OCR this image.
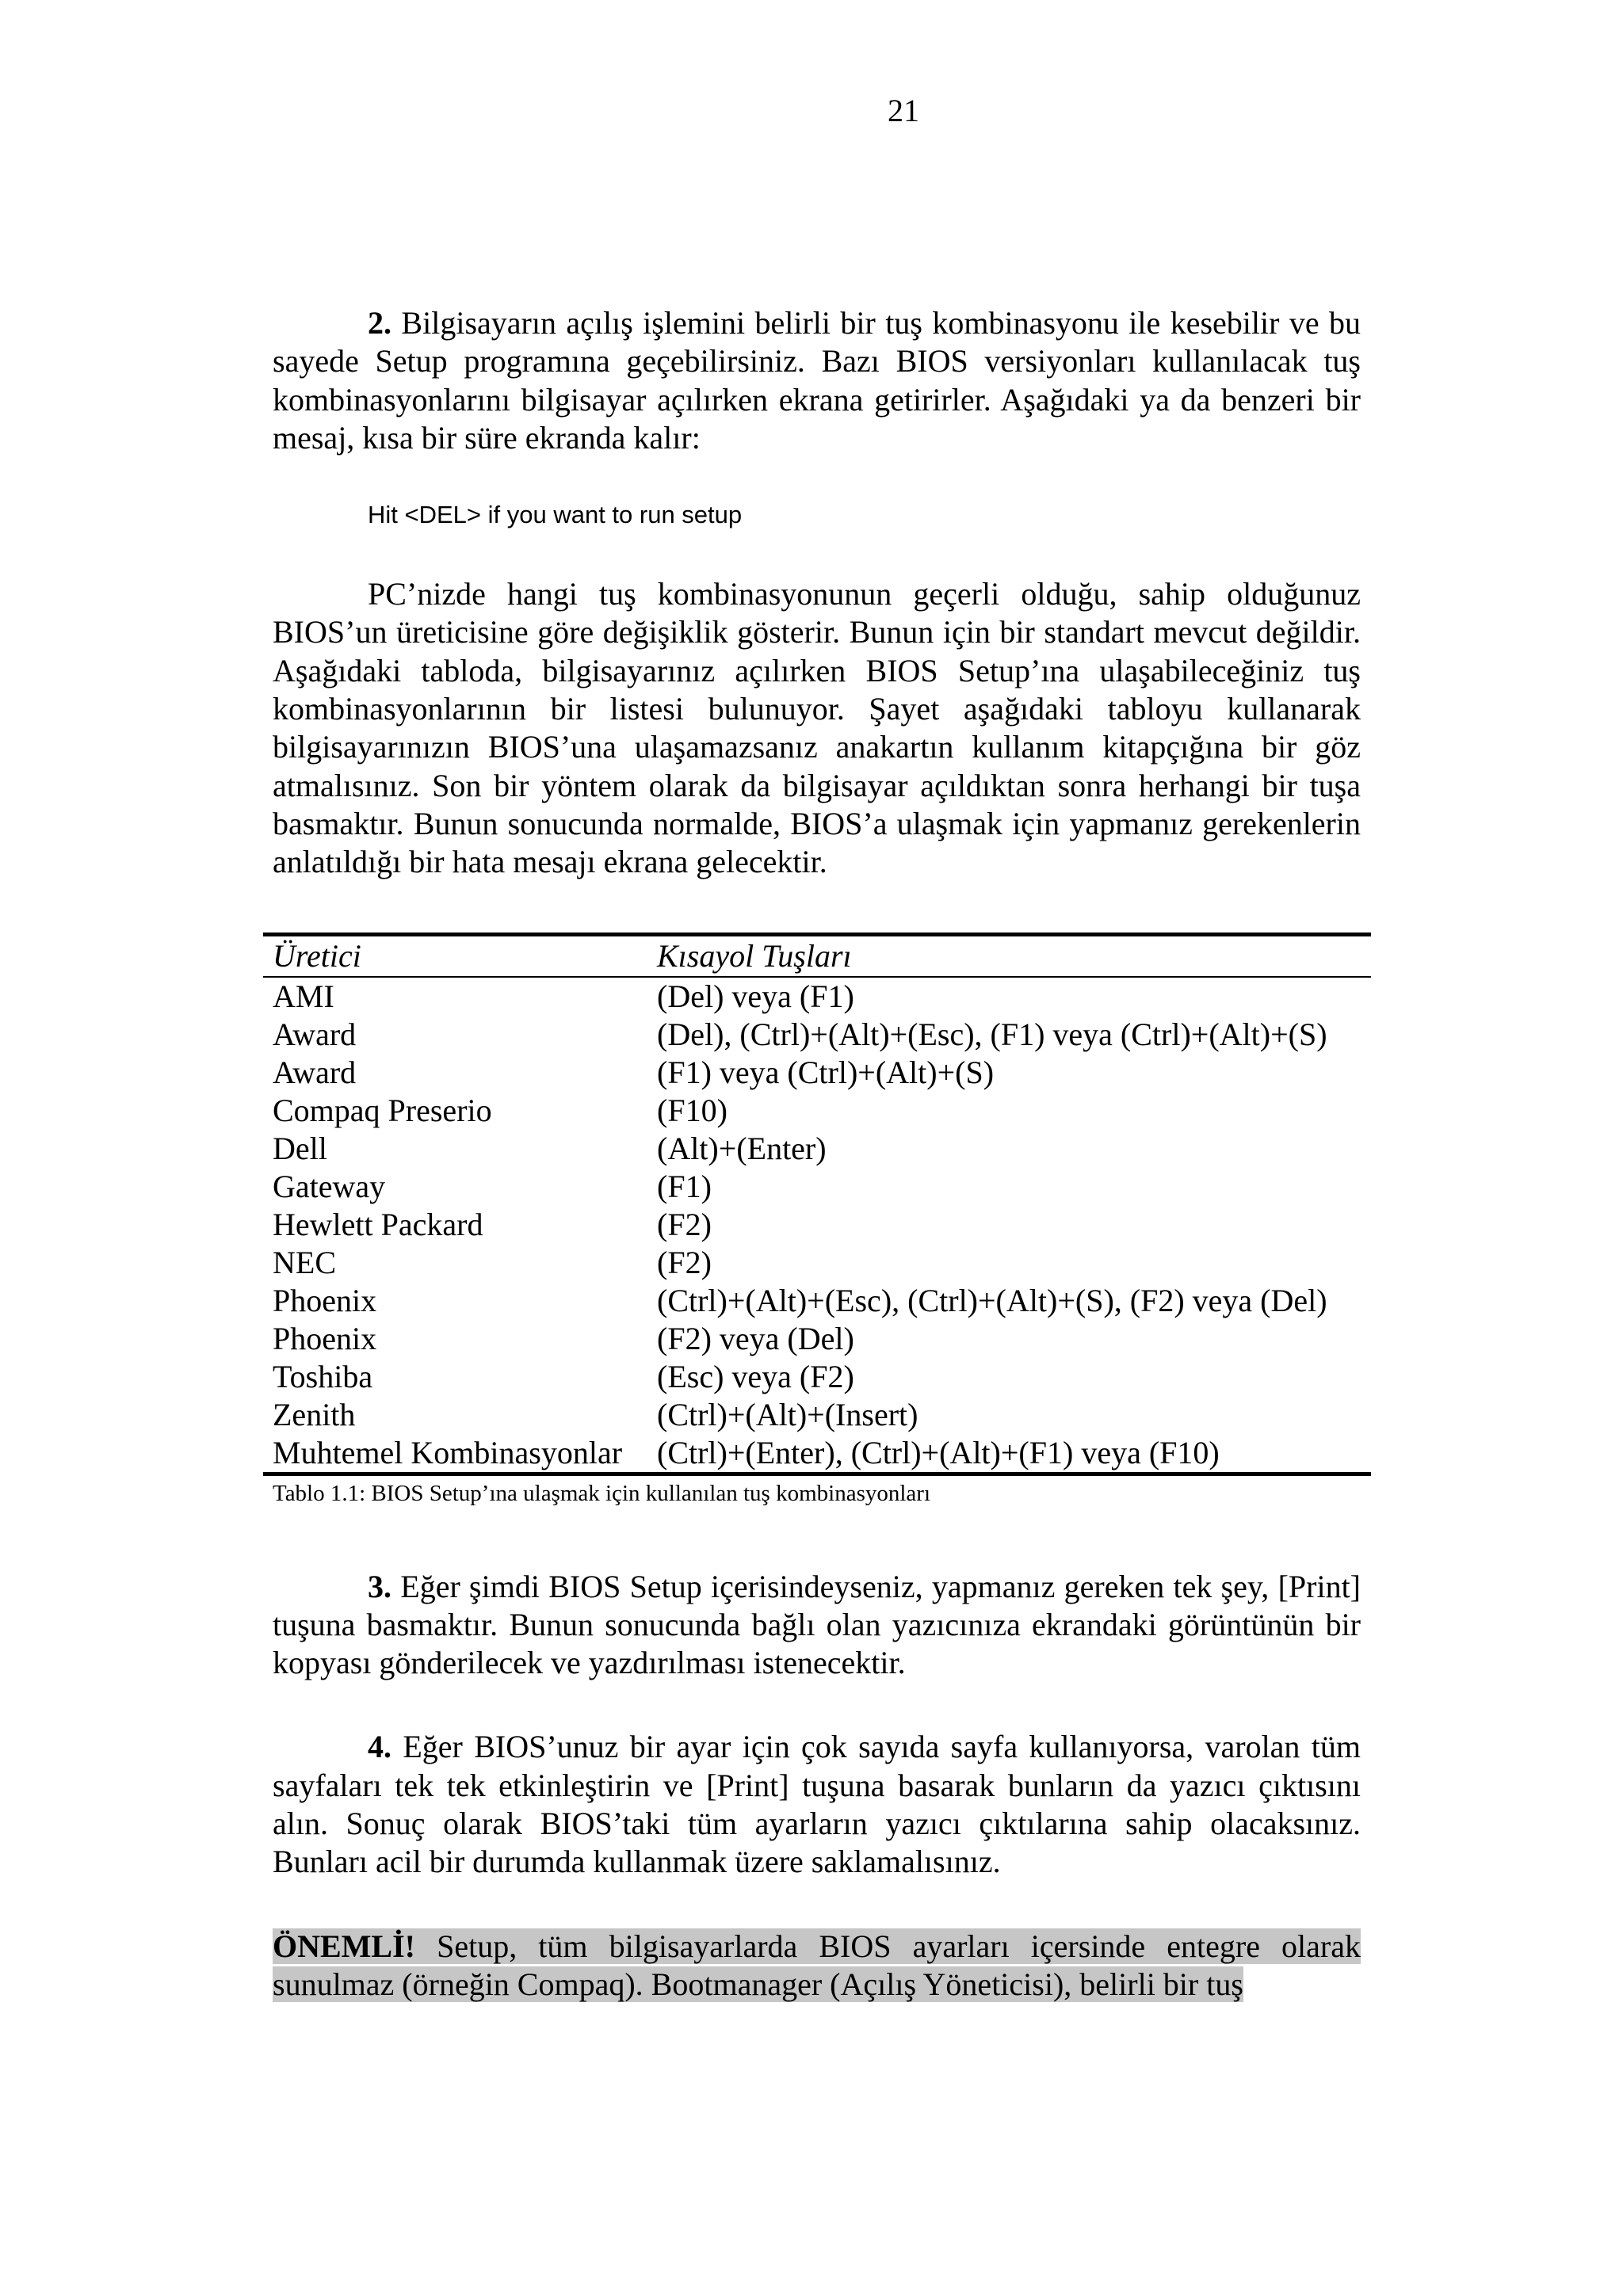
21

2. Bilgisayarın açılış işlemini belirli bir tuş kombinasyonu ile kesebilir ve bu sayede Setup programına geçebilirsiniz. Bazı BIOS versiyonları kullanılacak tuş kombinasyonlarını bilgisayar açılırken ekrana getirirler. Aşağıdaki ya da benzeri bir mesaj, kısa bir süre ekranda kalır:

Hit <DEL> if you want to run setup

PC’nizde hangi tuş kombinasyonunun geçerli olduğu, sahip olduğunuz BIOS’un üreticisine göre değişiklik gösterir. Bunun için bir standart mevcut değildir. Aşağıdaki tabloda, bilgisayarınız açılırken BIOS Setup’ına ulaşabileceğiniz tuş kombinasyonlarının bir listesi bulunuyor. Şayet aşağıdaki tabloyu kullanarak bilgisayarınızın BIOS’una ulaşamazsanız anakartın kullanım kitapçığına bir göz atmalısınız. Son bir yöntem olarak da bilgisayar açıldıktan sonra herhangi bir tuşa basmaktır. Bunun sonucunda normalde, BIOS’a ulaşmak için yapmanız gerekenlerin anlatıldığı bir hata mesajı ekrana gelecektir.

Üretici	Kısayol Tuşları
AMI	(Del) veya (F1)
Award	(Del), (Ctrl)+(Alt)+(Esc), (F1) veya (Ctrl)+(Alt)+(S)
Award	(F1) veya (Ctrl)+(Alt)+(S)
Compaq Preserio	(F10)
Dell	(Alt)+(Enter)
Gateway	(F1)
Hewlett Packard	(F2)
NEC	(F2)
Phoenix	(Ctrl)+(Alt)+(Esc), (Ctrl)+(Alt)+(S), (F2) veya (Del)
Phoenix	(F2) veya (Del)
Toshiba	(Esc) veya (F2)
Zenith	(Ctrl)+(Alt)+(Insert)
Muhtemel Kombinasyonlar	(Ctrl)+(Enter), (Ctrl)+(Alt)+(F1) veya (F10)
Tablo 1.1: BIOS Setup’ına ulaşmak için kullanılan tuş kombinasyonları

3. Eğer şimdi BIOS Setup içerisindeyseniz, yapmanız gereken tek şey, [Print] tuşuna basmaktır. Bunun sonucunda bağlı olan yazıcınıza ekrandaki görüntünün bir kopyası gönderilecek ve yazdırılması istenecektir.

4. Eğer BIOS’unuz bir ayar için çok sayıda sayfa kullanıyorsa, varolan tüm sayfaları tek tek etkinleştirin ve [Print] tuşuna basarak bunların da yazıcı çıktısını alın. Sonuç olarak BIOS’taki tüm ayarların yazıcı çıktılarına sahip olacaksınız. Bunları acil bir durumda kullanmak üzere saklamalısınız.

ÖNEMLİ! Setup, tüm bilgisayarlarda BIOS ayarları içersinde entegre olarak sunulmaz (örneğin Compaq). Bootmanager (Açılış Yöneticisi), belirli bir tuş
